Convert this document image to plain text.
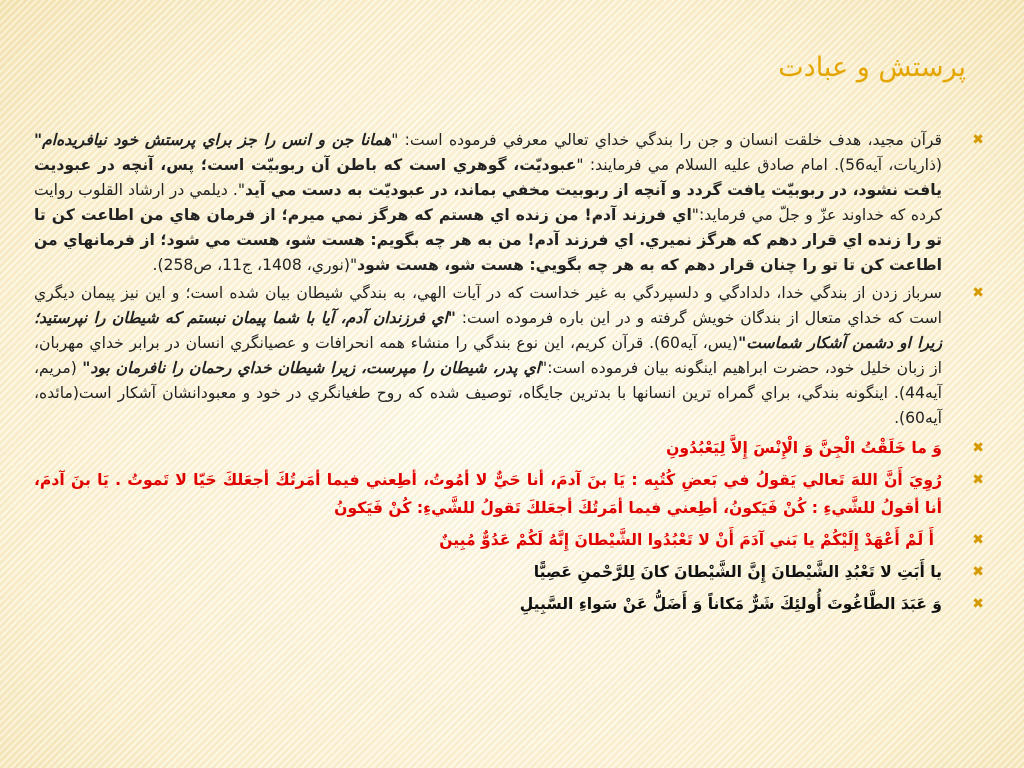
پرستش و عبادت
✖
قرآن مجيد، هدف خلقت انسان و جن را بندگي خداي تعالي معرفي فرموده است: "همانا جن و انس را جز براي پرستش خود نيافريده‌ام"(ذاريات، آيه56). امام صادق عليه السلام مي فرمايند: "عبوديّت، گوهري است كه باطن آن ربوبيّت است؛ پس، آنچه در عبوديت يافت نشود، در ربوبيّت يافت گردد و آنچه از ربوبيت مخفي بماند، در عبوديّت به دست مي آيد". ديلمي در ارشاد القلوب روايت كرده كه خداوند عزّ و جلّ مي فرمايد:"اي فرزند آدم! من زنده اي هستم كه هرگز نمي ميرم؛ از فرمان هاي من اطاعت كن تا تو را زنده اي قرار دهم كه هرگز نميري. اي فرزند آدم! من به هر چه بگويم: هست شو، هست مي شود؛ از فرمانهاي من اطاعت كن تا تو را چنان قرار دهم كه به هر چه بگويي: هست شو، هست شود"(نوري، 1408، ج11، ص258).
✖
سرباز زدن از بندگي خدا، دلدادگي و دلسپردگي به غير خداست كه در آيات الهي، به بندگي شيطان بيان شده است؛ و اين نيز پيمان ديگري است كه خداي متعال از بندگان خويش گرفته و در اين باره فرموده است: "اي فرزندان آدم، آيا با شما پيمان نبستم كه شيطان را نپرستيد؛ زيرا او دشمن آشكار شماست"(يس، آيه60). قرآن كريم، اين نوع بندگي را منشاء همه انحرافات و عصيانگري انسان در برابر خداي مهربان، از زبان خليل خود، حضرت ابراهيم اينگونه بيان فرموده است:"اي پدر، شيطان را مپرست، زيرا شيطان خداي رحمان را نافرمان بود" (مريم، آيه44). اينگونه بندگي، براي گمراه ترين انسانها با بدترين جايگاه، توصيف شده كه روح طغيانگري در خود و معبودانشان آشكار است(مائده، آيه60).
✖
وَ ما خَلَقْتُ الْجِنَّ وَ الْإِنْسَ إِلاَّ لِيَعْبُدُونِ
✖
رُوِيَ أَنَّ اللهَ تَعالي يَقولُ في بَعضِ كُتُبِه : يَا بنَ آدمَ، أنا حَيٌّ لا أمُوتُ، أطِعني فيما أمَرتُكَ أجعَلكَ حَيّا لا تَموتُ . يَا بنَ آدمَ، أنا أقولُ للشَّيءِ : كُنْ فَيَكونُ، أطِعني فيما أمَرتُكَ أجعَلكَ تَقولُ للشَّيءِ: كُنْ فَيَكونُ
✖
أَ لَمْ أَعْهَدْ إِلَيْكُمْ يا بَني آدَمَ أَنْ لا تَعْبُدُوا الشَّيْطانَ إِنَّهُ لَكُمْ عَدُوٌّ مُبِينٌ
✖
يا أَبَتِ لا تَعْبُدِ الشَّيْطانَ إِنَّ الشَّيْطانَ كانَ لِلرَّحْمنِ عَصِيًّا
✖
وَ عَبَدَ الطَّاغُوتَ أُولئِكَ شَرٌّ مَكاناً وَ أَضَلُّ عَنْ سَواءِ السَّبِيلِ
